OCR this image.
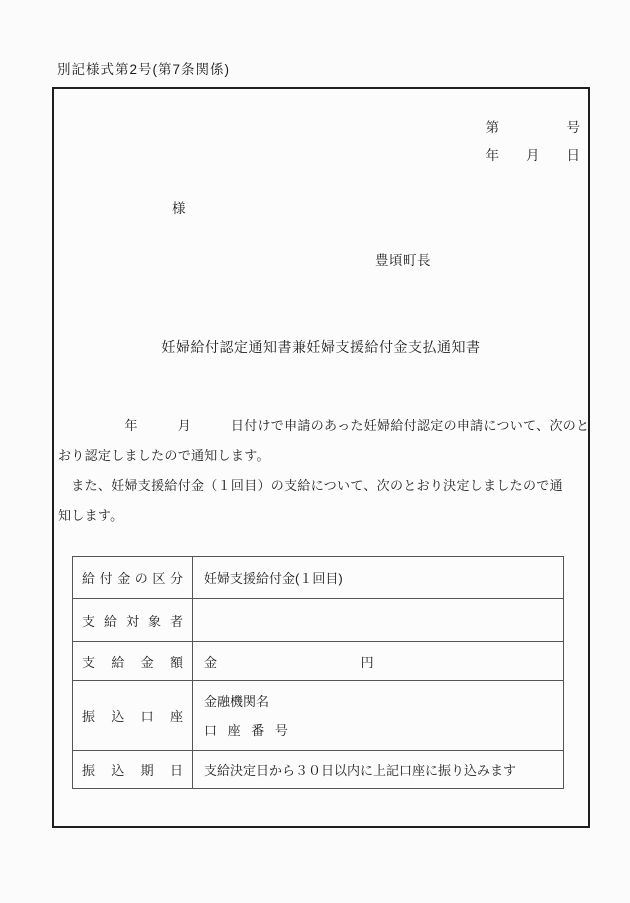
別記様式第2号(第7条関係)
第　　　　　号
年　　月　　日
様
豊頃町長
妊婦給付認定通知書兼妊婦支援給付金支払通知書
　　　　　年　　　月　　　日付けで申請のあった妊婦給付認定の申請について、次のと
おり認定しましたので通知します。
　また、妊婦支援給付金（１回目）の支給について、次のとおり決定しましたので通
知します。
給付金の区分	妊婦支援給付金(１回目)
支 給 対 象 者	
支 給 金 額	金 円
振 込 口 座	金融機関名
口 座 番 号

振 込 期 日	支給決定日から３０日以内に上記口座に振り込みます
